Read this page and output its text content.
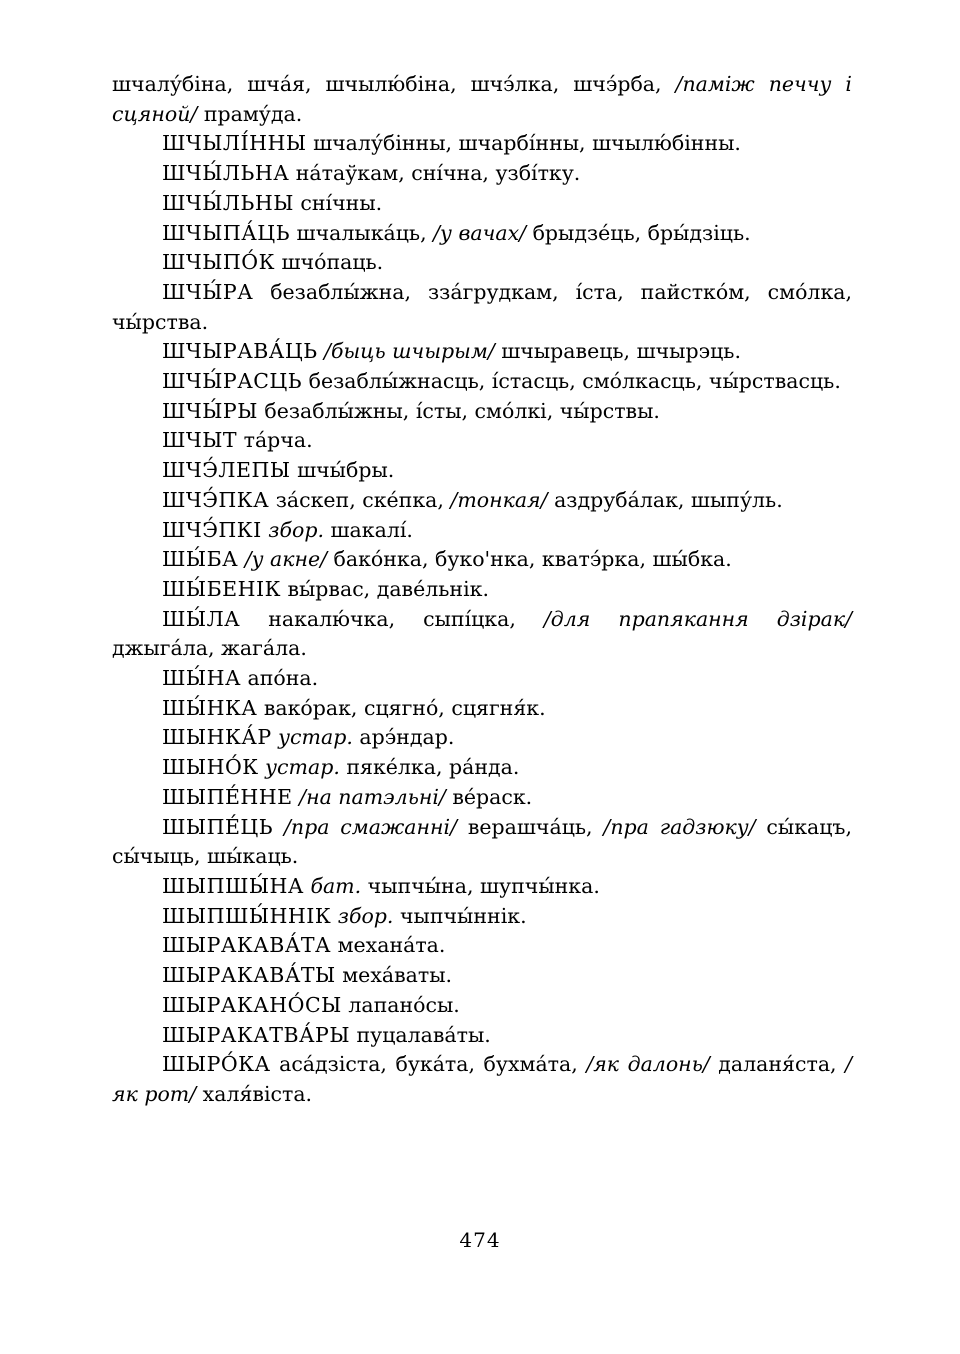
шчалу́біна, шча́я, шчылю́біна, шчэ́лка, шчэ́рба, /паміж печчу і сцяной/ праму́да.

ШЧЫЛІ́ННЫ шчалу́бінны, шчарбі́нны, шчылю́бінны.

ШЧЫ́ЛЬНА на́таўкам, сні́чна, узбі́тку.

ШЧЫ́ЛЬНЫ сні́чны.

ШЧЫПА́ЦЬ шчалыка́ць, /у вачах/ брыдзе́ць, бры́дзіць.

ШЧЫПО́К шчо́паць.

ШЧЫ́РА безаблы́жна, зза́грудкам, і́ста, пайстко́м, смо́лка, чы́рства.

ШЧЫРАВА́ЦЬ /быць шчырым/ шчыравець, шчырэць.

ШЧЫ́РАСЦЬ безаблы́жнасць, і́стасць, смо́лкасць, чы́рствасць.

ШЧЫ́РЫ безаблы́жны, і́сты, смо́лкі, чы́рствы.

ШЧЫТ та́рча.

ШЧЭ́ЛЕПЫ шчы́бры.

ШЧЭ́ПКА за́скеп, ске́пка, /тонкая/ аздруба́лак, шыпу́ль.

ШЧЭ́ПКІ збор. шакалі́.

ШЫ́БА /у акне/ бако́нка, букo'нка, кватэ́рка, шы́бка.

ШЫ́БЕНІК вы́рвас, даве́льнік.

ШЫ́ЛА накалю́чка, сыпі́цка, /для прапякання дзірак/ джыга́ла, жага́ла.

ШЫ́НА апо́на.

ШЫ́НКА вако́рак, сцягно́, сцягня́к.

ШЫНКА́Р устар. арэ́ндар.

ШЫНО́К устар. пяке́лка, ра́нда.

ШЫПЕ́ННЕ /на патэльні/ ве́раск.

ШЫПЕ́ЦЬ /пра смажанні/ верашча́ць, /пра гадзюку/ сы́кацъ, сы́чыць, шы́каць.

ШЫПШЫ́НА бат. чыпчы́на, шупчы́нка.

ШЫПШЫ́ННІК збор. чыпчы́ннік.

ШЫРАКАВА́ТА механа́та.

ШЫРАКАВА́ТЫ меха́ваты.

ШЫРАКАНО́СЫ лапано́сы.

ШЫРАКАТВА́РЫ пуцалава́ты.

ШЫРО́КА аса́дзіста, бука́та, бухма́та, /як далонь/ даланя́ста, /як рот/ халя́віста.

474
